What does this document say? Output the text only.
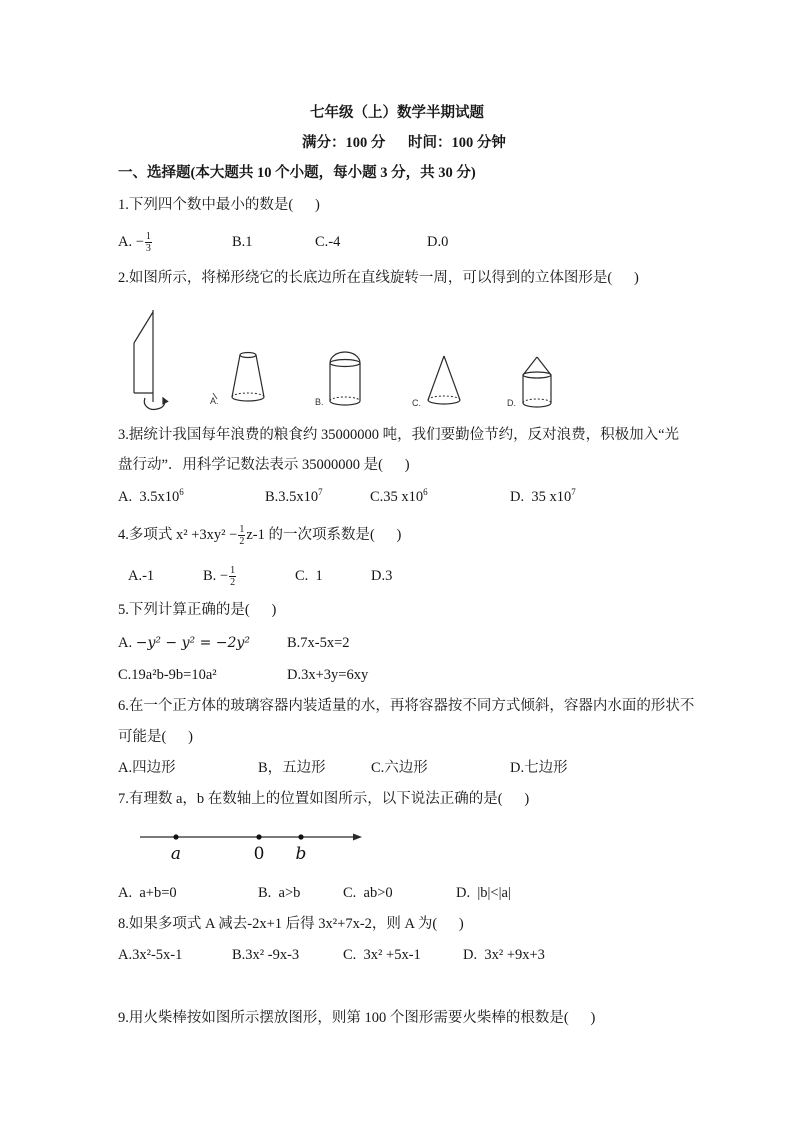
七年级（上）数学半期试题
满分：100 分 时间：100 分钟
一、选择题(本大题共 10 个小题，每小题 3 分，共 30 分)
1.下列四个数中最小的数是(      )
A. − $\frac{1}{3}$	B.1	C.-4	D.0
2.如图所示，将梯形绕它的长底边所在直线旋转一周，可以得到的立体图形是(      )
A.	B.	C.	D.
3.据统计我国每年浪费的粮食约 35000000 吨，我们要勤俭节约，反对浪费，积极加入“光
盘行动”．用科学记数法表示 35000000 是(      )
A.  $3.5x10^6$	$B.3.5x10^7$	C.35 $x10^6$	D.  35 $x10^7$
4.多项式 $x^2 +3xy^2 - \frac{1}{2} z-1$ 的一次项系数是(      )
A.-1	B. − $\frac{1}{2}$	C.  1	D.3
5.下列计算正确的是(      )
A. −y² − y² = −2y²	B.7x-5x=2
C.19a²b-9b=10a²	D.3x+3y=6xy
6.在一个正方体的玻璃容器内装适量的水，再将容器按不同方式倾斜，容器内水面的形状不
可能是(      )
A.四边形	B，五边形	C.六边形	D.七边形
7.有理数 a，b 在数轴上的位置如图所示，以下说法正确的是(      )
a	0 b
A.  a+b=0	B.  a>b	C.  ab>0	D.  |b|<|a|
8.如果多项式 A 减去-2x+1 后得 3x²+7x-2，则 A 为(      )
A.3x²-5x-1	B.3x² -9x-3	C.  3x² +5x-1	D.  3x² +9x+3
9.用火柴棒按如图所示摆放图形，则第 100 个图形需要火柴棒的根数是(      )
